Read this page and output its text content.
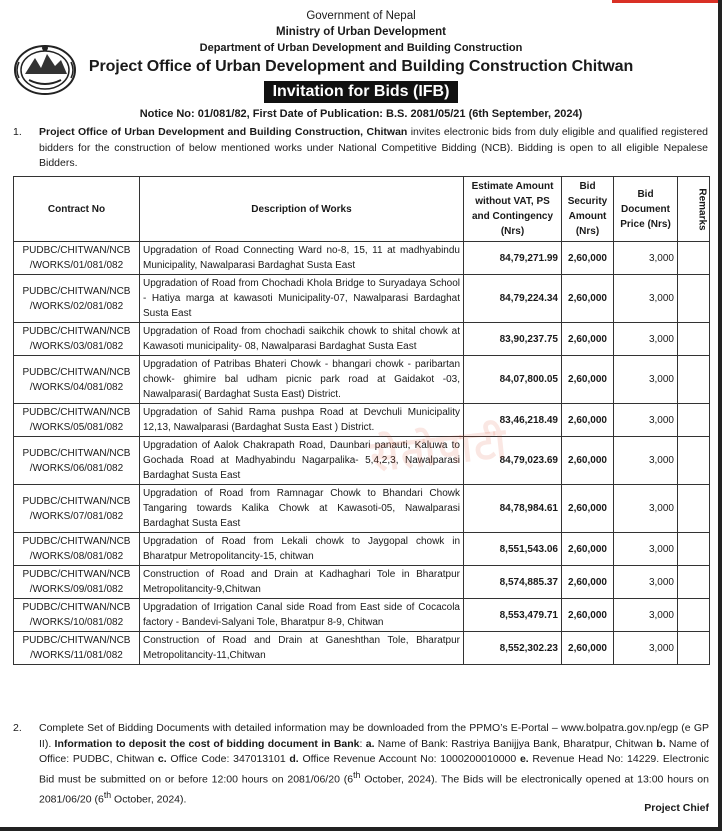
Government of Nepal
Ministry of Urban Development
Department of Urban Development and Building Construction
Project Office of Urban Development and Building Construction Chitwan
Invitation for Bids (IFB)
Notice No: 01/081/82, First Date of Publication: B.S. 2081/05/21 (6th September, 2024)
1. Project Office of Urban Development and Building Construction, Chitwan invites electronic bids from duly eligible and qualified registered bidders for the construction of below mentioned works under National Competitive Bidding (NCB). Bidding is open to all eligible Nepalese Bidders.
Contract No	Description of Works	Estimate Amount without VAT, PS and Contingency (Nrs)	Bid Security Amount (Nrs)	Bid Document Price (Nrs)	Remarks
PUDBC/CHITWAN/NCB /WORKS/01/081/082	Upgradation of Road Connecting Ward no-8, 15, 11 at madhyabindu Municipality, Nawalparasi Bardaghat Susta East	84,79,271.99	2,60,000	3,000	
PUDBC/CHITWAN/NCB /WORKS/02/081/082	Upgradation of Road from Chochadi Khola Bridge to Suryadaya School - Hatiya marga at kawasoti Municipality-07, Nawalparasi Bardaghat Susta East	84,79,224.34	2,60,000	3,000	
PUDBC/CHITWAN/NCB /WORKS/03/081/082	Upgradation of Road from chochadi saikchik chowk to shital chowk at Kawasoti municipality- 08, Nawalparasi Bardaghat Susta East	83,90,237.75	2,60,000	3,000	
PUDBC/CHITWAN/NCB /WORKS/04/081/082	Upgradation of Patribas Bhateri Chowk - bhangari chowk - paribartan chowk- ghimire bal udham picnic park road at Gaidakot -03, Nawalparasi( Bardaghat Susta East) District.	84,07,800.05	2,60,000	3,000	
PUDBC/CHITWAN/NCB /WORKS/05/081/082	Upgradation of Sahid Rama pushpa Road at Devchuli Municipality 12,13, Nawalparasi (Bardaghat Susta East ) District.	83,46,218.49	2,60,000	3,000	
PUDBC/CHITWAN/NCB /WORKS/06/081/082	Upgradation of Aalok Chakrapath Road, Daunbari panauti, Kaluwa to Gochada Road at Madhyabindu Nagarpalika- 5,4,2,3, Nawalparasi Bardaghat Susta East	84,79,023.69	2,60,000	3,000	
PUDBC/CHITWAN/NCB /WORKS/07/081/082	Upgradation of Road from Ramnagar Chowk to Bhandari Chowk Tangaring towards Kalika Chowk at Kawasoti-05, Nawalparasi Bardaghat Susta East	84,78,984.61	2,60,000	3,000	
PUDBC/CHITWAN/NCB /WORKS/08/081/082	Upgradation of Road from Lekali chowk to Jaygopal chowk in Bharatpur Metropolitancity-15, chitwan	8,551,543.06	2,60,000	3,000	
PUDBC/CHITWAN/NCB /WORKS/09/081/082	Construction of Road and Drain at Kadhaghari Tole in Bharatpur Metropolitancity-9,Chitwan	8,574,885.37	2,60,000	3,000	
PUDBC/CHITWAN/NCB /WORKS/10/081/082	Upgradation of Irrigation Canal side Road from East side of Cocacola factory - Bandevi-Salyani Tole, Bharatpur 8-9, Chitwan	8,553,479.71	2,60,000	3,000	
PUDBC/CHITWAN/NCB /WORKS/11/081/082	Construction of Road and Drain at Ganeshthan Tole, Bharatpur Metropolitancity-11,Chitwan	8,552,302.23	2,60,000	3,000	
सेतोपाटी
2. Complete Set of Bidding Documents with detailed information may be downloaded from the PPMO’s E-Portal – www.bolpatra.gov.np/egp (e GP II). Information to deposit the cost of bidding document in Bank: a. Name of Bank: Rastriya Banijjya Bank, Bharatpur, Chitwan b. Name of Office: PUDBC, Chitwan c. Office Code: 347013101 d. Office Revenue Account No: 1000200010000 e. Revenue Head No: 14229. Electronic Bid must be submitted on or before 12:00 hours on 2081/06/20 (6th October, 2024). The Bids will be electronically opened at 13:00 hours on 2081/06/20 (6th October, 2024).
Project Chief
